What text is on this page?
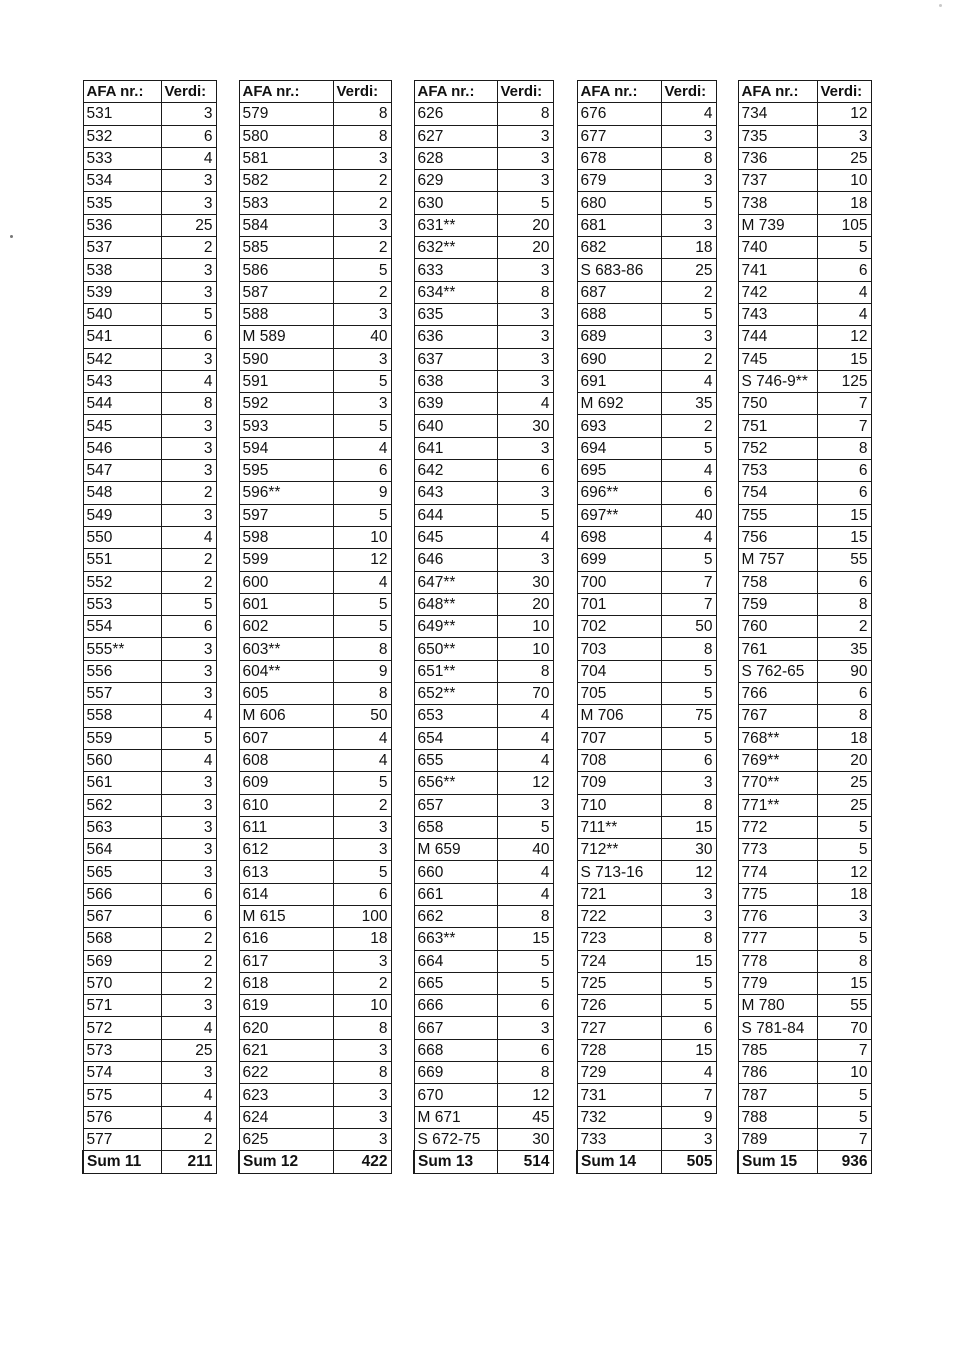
AFA nr.:	Verdi:
531	3
532	6
533	4
534	3
535	3
536	25
537	2
538	3
539	3
540	5
541	6
542	3
543	4
544	8
545	3
546	3
547	3
548	2
549	3
550	4
551	2
552	2
553	5
554	6
555**	3
556	3
557	3
558	4
559	5
560	4
561	3
562	3
563	3
564	3
565	3
566	6
567	6
568	2
569	2
570	2
571	3
572	4
573	25
574	3
575	4
576	4
577	2
Sum 11	211
AFA nr.:	Verdi:
579	8
580	8
581	3
582	2
583	2
584	3
585	2
586	5
587	2
588	3
M 589	40
590	3
591	5
592	3
593	5
594	4
595	6
596**	9
597	5
598	10
599	12
600	4
601	5
602	5
603**	8
604**	9
605	8
M 606	50
607	4
608	4
609	5
610	2
611	3
612	3
613	5
614	6
M 615	100
616	18
617	3
618	2
619	10
620	8
621	3
622	8
623	3
624	3
625	3
Sum 12	422
AFA nr.:	Verdi:
626	8
627	3
628	3
629	3
630	5
631**	20
632**	20
633	3
634**	8
635	3
636	3
637	3
638	3
639	4
640	30
641	3
642	6
643	3
644	5
645	4
646	3
647**	30
648**	20
649**	10
650**	10
651**	8
652**	70
653	4
654	4
655	4
656**	12
657	3
658	5
M 659	40
660	4
661	4
662	8
663**	15
664	5
665	5
666	6
667	3
668	6
669	8
670	12
M 671	45
S 672-75	30
Sum 13	514
AFA nr.:	Verdi:
676	4
677	3
678	8
679	3
680	5
681	3
682	18
S 683-86	25
687	2
688	5
689	3
690	2
691	4
M 692	35
693	2
694	5
695	4
696**	6
697**	40
698	4
699	5
700	7
701	7
702	50
703	8
704	5
705	5
M 706	75
707	5
708	6
709	3
710	8
711**	15
712**	30
S 713-16	12
721	3
722	3
723	8
724	15
725	5
726	5
727	6
728	15
729	4
731	7
732	9
733	3
Sum 14	505
AFA nr.:	Verdi:
734	12
735	3
736	25
737	10
738	18
M 739	105
740	5
741	6
742	4
743	4
744	12
745	15
S 746-9**	125
750	7
751	7
752	8
753	6
754	6
755	15
756	15
M 757	55
758	6
759	8
760	2
761	35
S 762-65	90
766	6
767	8
768**	18
769**	20
770**	25
771**	25
772	5
773	5
774	12
775	18
776	3
777	5
778	8
779	15
M 780	55
S 781-84	70
785	7
786	10
787	5
788	5
789	7
Sum 15	936
